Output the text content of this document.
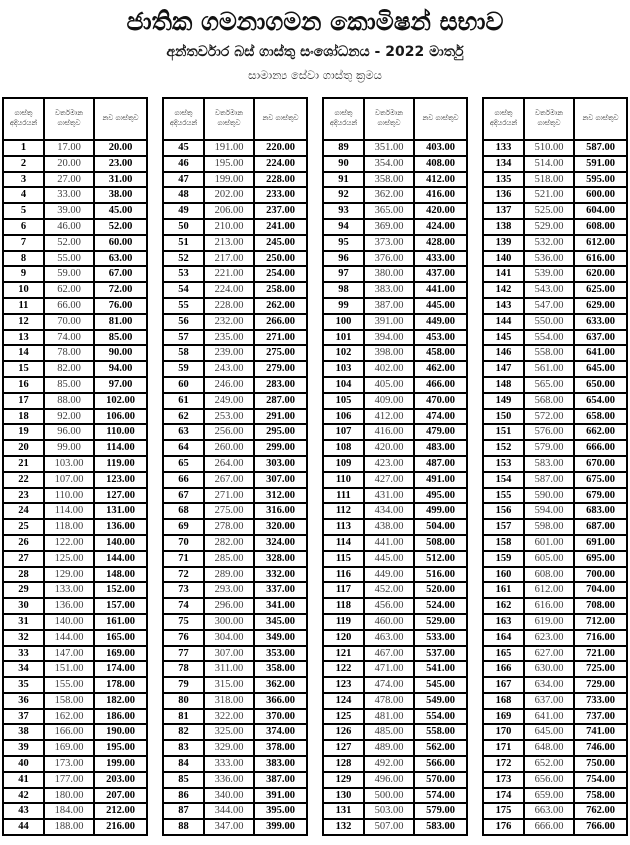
ජාතික ගමනාගමන කොමිෂන් සභාව
අන්තර්වාර බස් ගාස්තු සංශෝධනය - 2022 මාර්තු
සාමාන්‍ය සේවා ගාස්තු ක්‍රමය
ගාස්තු අදියරයන්	වර්තමාන ගාස්තුව	නව ගාස්තුව
1	17.00	20.00
2	20.00	23.00
3	27.00	31.00
4	33.00	38.00
5	39.00	45.00
6	46.00	52.00
7	52.00	60.00
8	55.00	63.00
9	59.00	67.00
10	62.00	72.00
11	66.00	76.00
12	70.00	81.00
13	74.00	85.00
14	78.00	90.00
15	82.00	94.00
16	85.00	97.00
17	88.00	102.00
18	92.00	106.00
19	96.00	110.00
20	99.00	114.00
21	103.00	119.00
22	107.00	123.00
23	110.00	127.00
24	114.00	131.00
25	118.00	136.00
26	122.00	140.00
27	125.00	144.00
28	129.00	148.00
29	133.00	152.00
30	136.00	157.00
31	140.00	161.00
32	144.00	165.00
33	147.00	169.00
34	151.00	174.00
35	155.00	178.00
36	158.00	182.00
37	162.00	186.00
38	166.00	190.00
39	169.00	195.00
40	173.00	199.00
41	177.00	203.00
42	180.00	207.00
43	184.00	212.00
44	188.00	216.00
ගාස්තු අදියරයන්	වර්තමාන ගාස්තුව	නව ගාස්තුව
45	191.00	220.00
46	195.00	224.00
47	199.00	228.00
48	202.00	233.00
49	206.00	237.00
50	210.00	241.00
51	213.00	245.00
52	217.00	250.00
53	221.00	254.00
54	224.00	258.00
55	228.00	262.00
56	232.00	266.00
57	235.00	271.00
58	239.00	275.00
59	243.00	279.00
60	246.00	283.00
61	249.00	287.00
62	253.00	291.00
63	256.00	295.00
64	260.00	299.00
65	264.00	303.00
66	267.00	307.00
67	271.00	312.00
68	275.00	316.00
69	278.00	320.00
70	282.00	324.00
71	285.00	328.00
72	289.00	332.00
73	293.00	337.00
74	296.00	341.00
75	300.00	345.00
76	304.00	349.00
77	307.00	353.00
78	311.00	358.00
79	315.00	362.00
80	318.00	366.00
81	322.00	370.00
82	325.00	374.00
83	329.00	378.00
84	333.00	383.00
85	336.00	387.00
86	340.00	391.00
87	344.00	395.00
88	347.00	399.00
ගාස්තු අදියරයන්	වර්තමාන ගාස්තුව	නව ගාස්තුව
89	351.00	403.00
90	354.00	408.00
91	358.00	412.00
92	362.00	416.00
93	365.00	420.00
94	369.00	424.00
95	373.00	428.00
96	376.00	433.00
97	380.00	437.00
98	383.00	441.00
99	387.00	445.00
100	391.00	449.00
101	394.00	453.00
102	398.00	458.00
103	402.00	462.00
104	405.00	466.00
105	409.00	470.00
106	412.00	474.00
107	416.00	479.00
108	420.00	483.00
109	423.00	487.00
110	427.00	491.00
111	431.00	495.00
112	434.00	499.00
113	438.00	504.00
114	441.00	508.00
115	445.00	512.00
116	449.00	516.00
117	452.00	520.00
118	456.00	524.00
119	460.00	529.00
120	463.00	533.00
121	467.00	537.00
122	471.00	541.00
123	474.00	545.00
124	478.00	549.00
125	481.00	554.00
126	485.00	558.00
127	489.00	562.00
128	492.00	566.00
129	496.00	570.00
130	500.00	574.00
131	503.00	579.00
132	507.00	583.00
ගාස්තු අදියරයන්	වර්තමාන ගාස්තුව	නව ගාස්තුව
133	510.00	587.00
134	514.00	591.00
135	518.00	595.00
136	521.00	600.00
137	525.00	604.00
138	529.00	608.00
139	532.00	612.00
140	536.00	616.00
141	539.00	620.00
142	543.00	625.00
143	547.00	629.00
144	550.00	633.00
145	554.00	637.00
146	558.00	641.00
147	561.00	645.00
148	565.00	650.00
149	568.00	654.00
150	572.00	658.00
151	576.00	662.00
152	579.00	666.00
153	583.00	670.00
154	587.00	675.00
155	590.00	679.00
156	594.00	683.00
157	598.00	687.00
158	601.00	691.00
159	605.00	695.00
160	608.00	700.00
161	612.00	704.00
162	616.00	708.00
163	619.00	712.00
164	623.00	716.00
165	627.00	721.00
166	630.00	725.00
167	634.00	729.00
168	637.00	733.00
169	641.00	737.00
170	645.00	741.00
171	648.00	746.00
172	652.00	750.00
173	656.00	754.00
174	659.00	758.00
175	663.00	762.00
176	666.00	766.00
